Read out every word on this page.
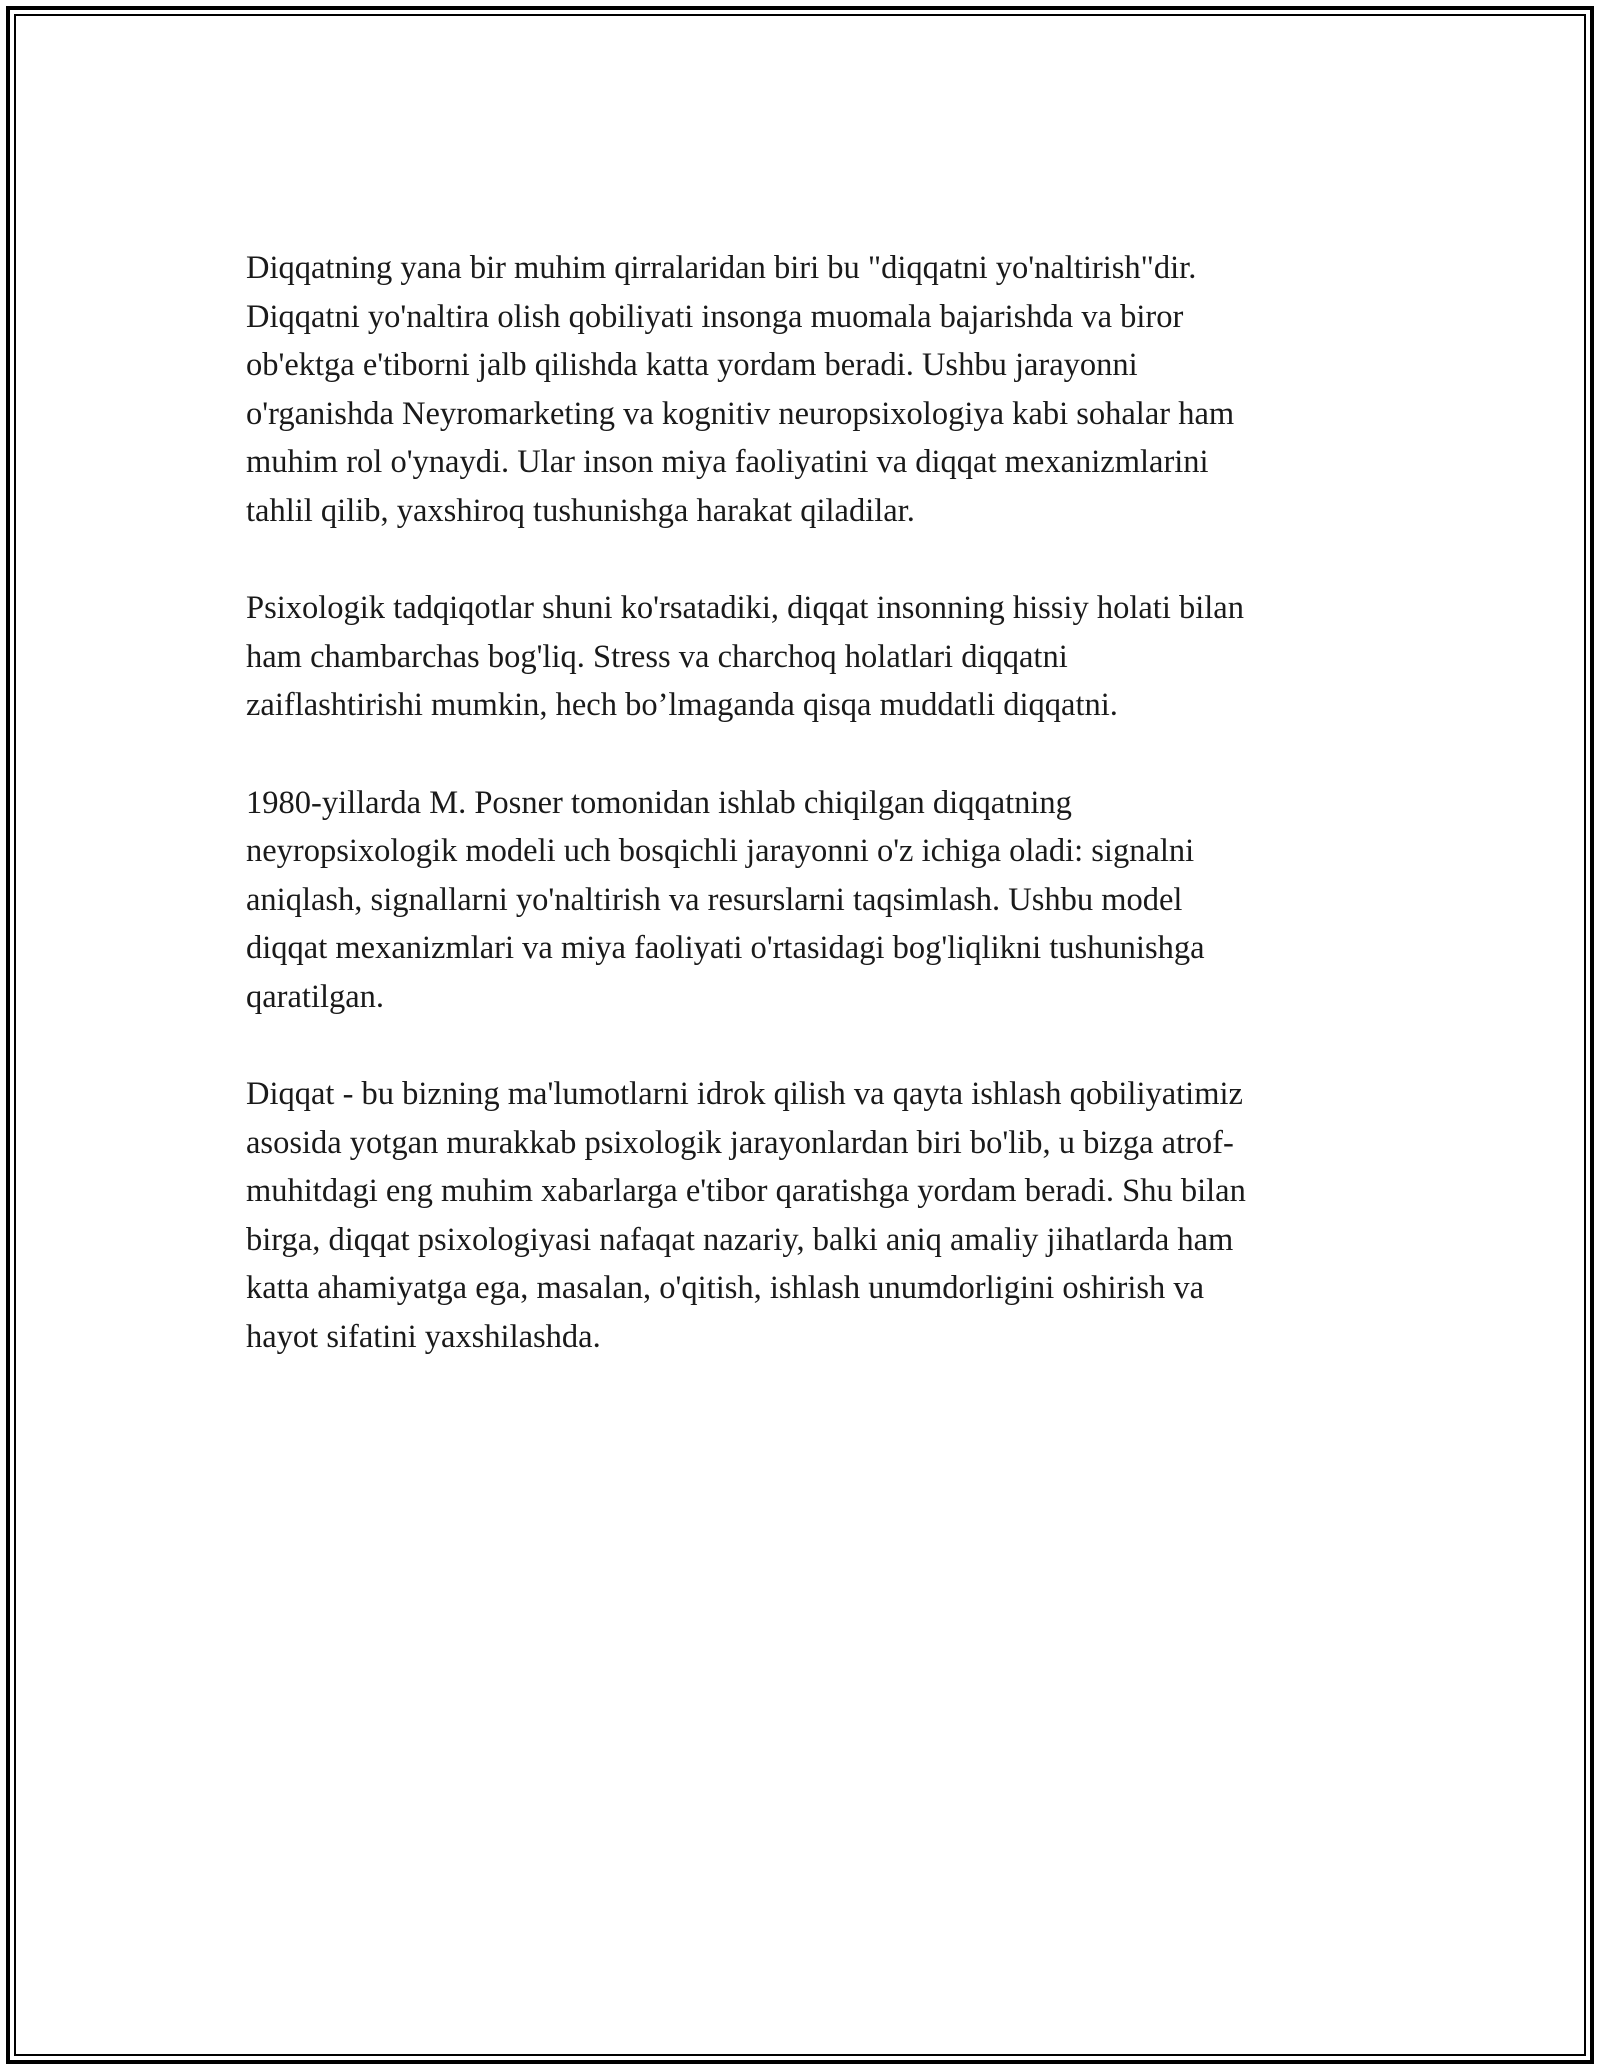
Diqqatning yana bir muhim qirralaridan biri bu "diqqatni yo'naltirish"dir.
Diqqatni yo'naltira olish qobiliyati insonga muomala bajarishda va biror
ob'ektga e'tiborni jalb qilishda katta yordam beradi. Ushbu jarayonni
o'rganishda Neyromarketing va kognitiv neuropsixologiya kabi sohalar ham
muhim rol o'ynaydi. Ular inson miya faoliyatini va diqqat mexanizmlarini
tahlil qilib, yaxshiroq tushunishga harakat qiladilar.

Psixologik tadqiqotlar shuni ko'rsatadiki, diqqat insonning hissiy holati bilan
ham chambarchas bog'liq. Stress va charchoq holatlari diqqatni
zaiflashtirishi mumkin, hech bo’lmaganda qisqa muddatli diqqatni.

1980-yillarda M. Posner tomonidan ishlab chiqilgan diqqatning
neyropsixologik modeli uch bosqichli jarayonni o'z ichiga oladi: signalni
aniqlash, signallarni yo'naltirish va resurslarni taqsimlash. Ushbu model
diqqat mexanizmlari va miya faoliyati o'rtasidagi bog'liqlikni tushunishga
qaratilgan.

Diqqat - bu bizning ma'lumotlarni idrok qilish va qayta ishlash qobiliyatimiz
asosida yotgan murakkab psixologik jarayonlardan biri bo'lib, u bizga atrof-
muhitdagi eng muhim xabarlarga e'tibor qaratishga yordam beradi. Shu bilan
birga, diqqat psixologiyasi nafaqat nazariy, balki aniq amaliy jihatlarda ham
katta ahamiyatga ega, masalan, o'qitish, ishlash unumdorligini oshirish va
hayot sifatini yaxshilashda.
